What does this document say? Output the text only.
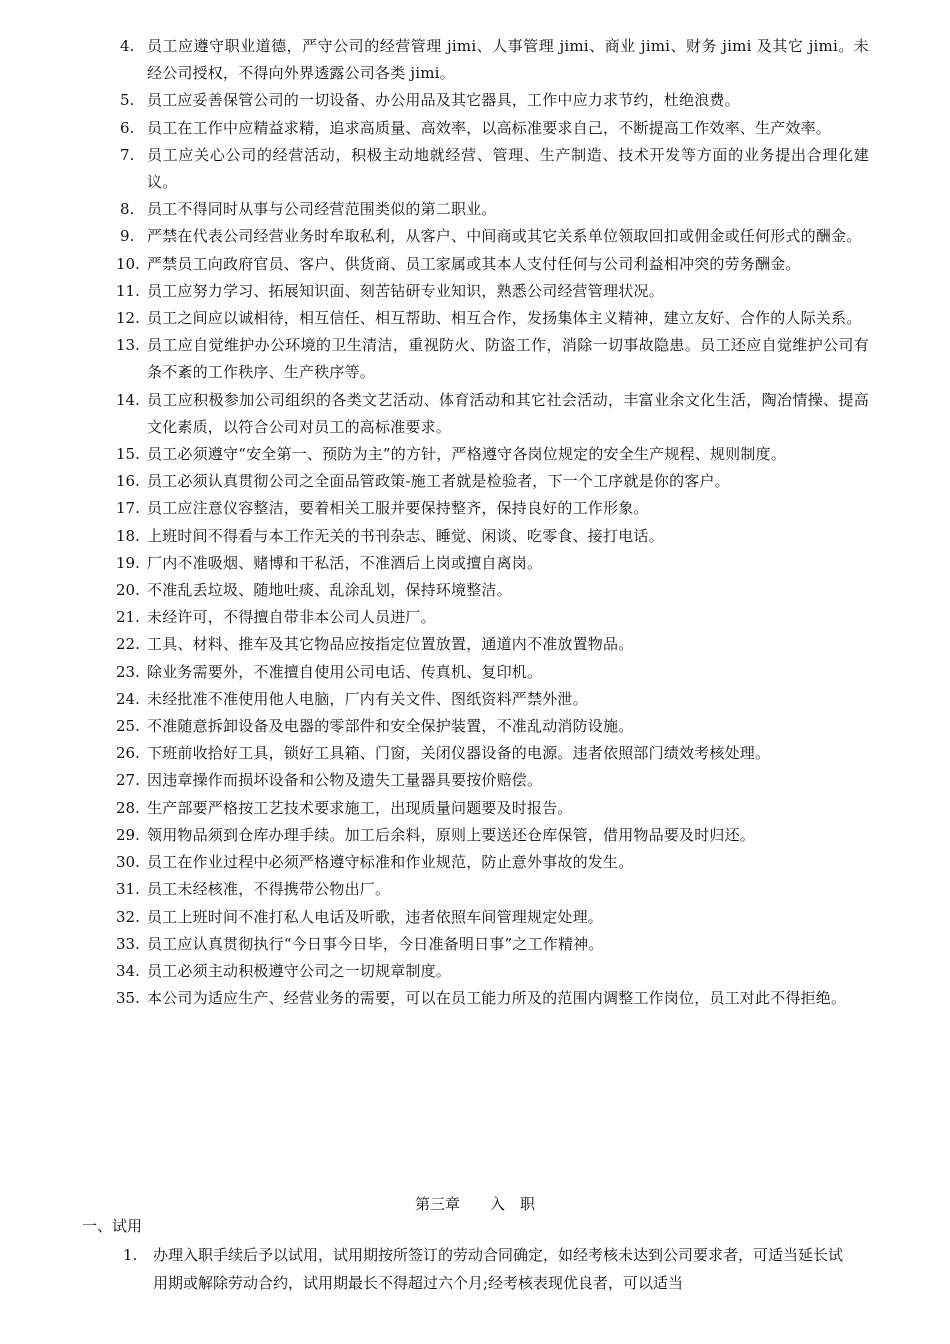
4. 员工应遵守职业道德，严守公司的经营管理 jimi、人事管理 jimi、商业 jimi、财务 jimi 及其它 jimi。未经公司授权，不得向外界透露公司各类 jimi。
5. 员工应妥善保管公司的一切设备、办公用品及其它器具，工作中应力求节约，杜绝浪费。
6. 员工在工作中应精益求精，追求高质量、高效率，以高标准要求自己，不断提高工作效率、生产效率。
7. 员工应关心公司的经营活动，积极主动地就经营、管理、生产制造、技术开发等方面的业务提出合理化建议。
8. 员工不得同时从事与公司经营范围类似的第二职业。
9. 严禁在代表公司经营业务时牟取私利，从客户、中间商或其它关系单位领取回扣或佣金或任何形式的酬金。
10. 严禁员工向政府官员、客户、供货商、员工家属或其本人支付任何与公司利益相冲突的劳务酬金。
11. 员工应努力学习、拓展知识面、刻苦钻研专业知识，熟悉公司经营管理状况。
12. 员工之间应以诚相待，相互信任、相互帮助、相互合作，发扬集体主义精神，建立友好、合作的人际关系。
13. 员工应自觉维护办公环境的卫生清洁，重视防火、防盗工作，消除一切事故隐患。员工还应自觉维护公司有条不紊的工作秩序、生产秩序等。
14. 员工应积极参加公司组织的各类文艺活动、体育活动和其它社会活动，丰富业余文化生活，陶冶情操、提高文化素质，以符合公司对员工的高标准要求。
15. 员工必须遵守“安全第一、预防为主”的方针，严格遵守各岗位规定的安全生产规程、规则制度。
16. 员工必须认真贯彻公司之全面品管政策-施工者就是检验者，下一个工序就是你的客户。
17. 员工应注意仪容整洁，要着相关工服并要保持整齐，保持良好的工作形象。
18. 上班时间不得看与本工作无关的书刊杂志、睡觉、闲谈、吃零食、接打电话。
19. 厂内不准吸烟、赌博和干私活，不准酒后上岗或擅自离岗。
20. 不准乱丢垃圾、随地吐痰、乱涂乱划，保持环境整洁。
21. 未经许可，不得擅自带非本公司人员进厂。
22. 工具、材料、推车及其它物品应按指定位置放置，通道内不准放置物品。
23. 除业务需要外，不准擅自使用公司电话、传真机、复印机。
24. 未经批准不准使用他人电脑，厂内有关文件、图纸资料严禁外泄。
25. 不准随意拆卸设备及电器的零部件和安全保护装置，不准乱动消防设施。
26. 下班前收拾好工具，锁好工具箱、门窗，关闭仪器设备的电源。违者依照部门绩效考核处理。
27. 因违章操作而损坏设备和公物及遗失工量器具要按价赔偿。
28. 生产部要严格按工艺技术要求施工，出现质量问题要及时报告。
29. 领用物品须到仓库办理手续。加工后余料，原则上要送还仓库保管，借用物品要及时归还。
30. 员工在作业过程中必须严格遵守标准和作业规范，防止意外事故的发生。
31. 员工未经核准，不得携带公物出厂。
32. 员工上班时间不准打私人电话及听歌，违者依照车间管理规定处理。
33. 员工应认真贯彻执行“今日事今日毕，今日准备明日事”之工作精神。
34. 员工必须主动积极遵守公司之一切规章制度。
35. 本公司为适应生产、经营业务的需要，可以在员工能力所及的范围内调整工作岗位，员工对此不得拒绝。
第三章 入　职
一、试用
1. 办理入职手续后予以试用，试用期按所签订的劳动合同确定，如经考核未达到公司要求者，可适当延长试用期或解除劳动合约，试用期最长不得超过六个月;经考核表现优良者，可以适当
